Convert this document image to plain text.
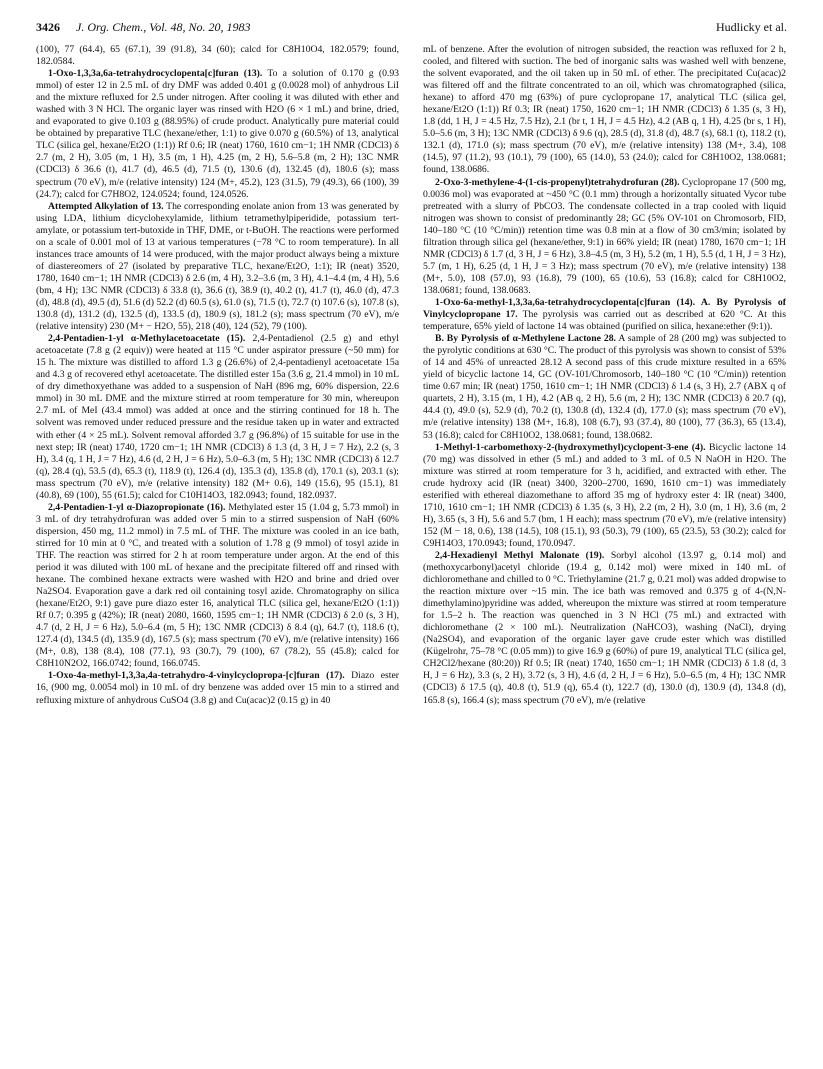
3426 J. Org. Chem., Vol. 48, No. 20, 1983	Hudlicky et al.

(100), 77 (64.4), 65 (67.1), 39 (91.8), 34 (60); calcd for C8H10O4, 182.0579; found, 182.0584.

1-Oxo-1,3,3a,6a-tetrahydrocyclopenta[c]furan (13). To a solution of 0.170 g (0.93 mmol) of ester 12 in 2.5 mL of dry DMF was added 0.401 g (0.0028 mol) of anhydrous LiI and the mixture refluxed for 2.5 under nitrogen. After cooling it was diluted with ether and washed with 3 N HCl. The organic layer was rinsed with H2O (6 × 1 mL) and brine, dried, and evaporated to give 0.103 g (88.95%) of crude product. Analytically pure material could be obtained by preparative TLC (hexane/ether, 1:1) to give 0.070 g (60.5%) of 13, analytical TLC (silica gel, hexane/Et2O (1:1)) Rf 0.6; IR (neat) 1760, 1610 cm−1; 1H NMR (CDCl3) δ 2.7 (m, 2 H), 3.05 (m, 1 H), 3.5 (m, 1 H), 4.25 (m, 2 H), 5.6–5.8 (m, 2 H); 13C NMR (CDCl3) δ 36.6 (t), 41.7 (d), 46.5 (d), 71.5 (t), 130.6 (d), 132.45 (d), 180.6 (s); mass spectrum (70 eV), m/e (relative intensity) 124 (M+, 45.2), 123 (31.5), 79 (49.3), 66 (100), 39 (24.7); calcd for C7H8O2, 124.0524; found, 124.0526.

Attempted Alkylation of 13. The corresponding enolate anion from 13 was generated by using LDA, lithium dicyclohexylamide, lithium tetramethylpiperidide, potassium tert-amylate, or potassium tert-butoxide in THF, DME, or t-BuOH. The reactions were performed on a scale of 0.001 mol of 13 at various temperatures (−78 °C to room temperature). In all instances trace amounts of 14 were produced, with the major product always being a mixture of diastereomers of 27 (isolated by preparative TLC, hexane/Et2O, 1:1); IR (neat) 3520, 1780, 1640 cm−1; 1H NMR (CDCl3) δ 2.6 (m, 4 H), 3.2–3.6 (m, 3 H), 4.1–4.4 (m, 4 H), 5.6 (bm, 4 H); 13C NMR (CDCl3) δ 33.8 (t), 36.6 (t), 38.9 (t), 40.2 (t), 41.7 (t), 46.0 (d), 47.3 (d), 48.8 (d), 49.5 (d), 51.6 (d) 52.2 (d) 60.5 (s), 61.0 (s), 71.5 (t), 72.7 (t) 107.6 (s), 107.8 (s), 130.8 (d), 131.2 (d), 132.5 (d), 133.5 (d), 180.9 (s), 181.2 (s); mass spectrum (70 eV), m/e (relative intensity) 230 (M+ − H2O, 55), 218 (40), 124 (52), 79 (100).

2,4-Pentadien-1-yl α-Methylacetoacetate (15). 2,4-Pentadienol (2.5 g) and ethyl acetoacetate (7.8 g (2 equiv)) were heated at 115 °C under aspirator pressure (~50 mm) for 15 h. The mixture was distilled to afford 1.3 g (26.6%) of 2,4-pentadienyl acetoacetate 15a and 4.3 g of recovered ethyl acetoacetate. The distilled ester 15a (3.6 g, 21.4 mmol) in 10 mL of dry dimethoxyethane was added to a suspension of NaH (896 mg, 60% dispersion, 22.6 mmol) in 30 mL DME and the mixture stirred at room temperature for 30 min, whereupon 2.7 mL of MeI (43.4 mmol) was added at once and the stirring continued for 18 h. The solvent was removed under reduced pressure and the residue taken up in water and extracted with ether (4 × 25 mL). Solvent removal afforded 3.7 g (96.8%) of 15 suitable for use in the next step; IR (neat) 1740, 1720 cm−1; 1H NMR (CDCl3) δ 1.3 (d, 3 H, J = 7 Hz), 2.2 (s, 3 H), 3.4 (q, 1 H, J = 7 Hz), 4.6 (d, 2 H, J = 6 Hz), 5.0–6.3 (m, 5 H); 13C NMR (CDCl3) δ 12.7 (q), 28.4 (q), 53.5 (d), 65.3 (t), 118.9 (t), 126.4 (d), 135.3 (d), 135.8 (d), 170.1 (s), 203.1 (s); mass spectrum (70 eV), m/e (relative intensity) 182 (M+ 0.6), 149 (15.6), 95 (15.1), 81 (40.8), 69 (100), 55 (61.5); calcd for C10H14O3, 182.0943; found, 182.0937.

2,4-Pentadien-1-yl α-Diazopropionate (16). Methylated ester 15 (1.04 g, 5.73 mmol) in 3 mL of dry tetrahydrofuran was added over 5 min to a stirred suspension of NaH (60% dispersion, 450 mg, 11.2 mmol) in 7.5 mL of THF. The mixture was cooled in an ice bath, stirred for 10 min at 0 °C, and treated with a solution of 1.78 g (9 mmol) of tosyl azide in THF. The reaction was stirred for 2 h at room temperature under argon. At the end of this period it was diluted with 100 mL of hexane and the precipitate filtered off and rinsed with hexane. The combined hexane extracts were washed with H2O and brine and dried over Na2SO4. Evaporation gave a dark red oil containing tosyl azide. Chromatography on silica (hexane/Et2O, 9:1) gave pure diazo ester 16, analytical TLC (silica gel, hexane/Et2O (1:1)) Rf 0.7; 0.395 g (42%); IR (neat) 2080, 1660, 1595 cm−1; 1H NMR (CDCl3) δ 2.0 (s, 3 H), 4.7 (d, 2 H, J = 6 Hz), 5.0–6.4 (m, 5 H); 13C NMR (CDCl3) δ 8.4 (q), 64.7 (t), 118.6 (t), 127.4 (d), 134.5 (d), 135.9 (d), 167.5 (s); mass spectrum (70 eV), m/e (relative intensity) 166 (M+, 0.8), 138 (8.4), 108 (77.1), 93 (30.7), 79 (100), 67 (78.2), 55 (45.8); calcd for C8H10N2O2, 166.0742; found, 166.0745.

1-Oxo-4a-methyl-1,3,3a,4a-tetrahydro-4-vinylcyclopropa-[c]furan (17). Diazo ester 16, (900 mg, 0.0054 mol) in 10 mL of dry benzene was added over 15 min to a stirred and refluxing mixture of anhydrous CuSO4 (3.8 g) and Cu(acac)2 (0.15 g) in 40

mL of benzene. After the evolution of nitrogen subsided, the reaction was refluxed for 2 h, cooled, and filtered with suction. The bed of inorganic salts was washed well with benzene, the solvent evaporated, and the oil taken up in 50 mL of ether. The precipitated Cu(acac)2 was filtered off and the filtrate concentrated to an oil, which was chromatographed (silica, hexane) to afford 470 mg (63%) of pure cyclopropane 17, analytical TLC (silica gel, hexane/Et2O (1:1)) Rf 0.3; IR (neat) 1750, 1620 cm−1; 1H NMR (CDCl3) δ 1.35 (s, 3 H), 1.8 (dd, 1 H, J = 4.5 Hz, 7.5 Hz), 2.1 (br t, 1 H, J = 4.5 Hz), 4.2 (AB q, 1 H), 4.25 (br s, 1 H), 5.0–5.6 (m, 3 H); 13C NMR (CDCl3) δ 9.6 (q), 28.5 (d), 31.8 (d), 48.7 (s), 68.1 (t), 118.2 (t), 132.1 (d), 171.0 (s); mass spectrum (70 eV), m/e (relative intensity) 138 (M+, 3.4), 108 (14.5), 97 (11.2), 93 (10.1), 79 (100), 65 (14.0), 53 (24.0); calcd for C8H10O2, 138.0681; found, 138.0686.

2-Oxo-3-methylene-4-(1-cis-propenyl)tetrahydrofuran (28). Cyclopropane 17 (500 mg, 0.0036 mol) was evaporated at ~450 °C (0.1 mm) through a horizontally situated Vycor tube pretreated with a slurry of PbCO3. The condensate collected in a trap cooled with liquid nitrogen was shown to consist of predominantly 28; GC (5% OV-101 on Chromosorb, FID, 140–180 °C (10 °C/min)) retention time was 0.8 min at a flow of 30 cm3/min; isolated by filtration through silica gel (hexane/ether, 9:1) in 66% yield; IR (neat) 1780, 1670 cm−1; 1H NMR (CDCl3) δ 1.7 (d, 3 H, J = 6 Hz), 3.8–4.5 (m, 3 H), 5.2 (m, 1 H), 5.5 (d, 1 H, J = 3 Hz), 5.7 (m, 1 H), 6.25 (d, 1 H, J = 3 Hz); mass spectrum (70 eV), m/e (relative intensity) 138 (M+, 5.0), 108 (57.0), 93 (16.8), 79 (100), 65 (10.6), 53 (16.8); calcd for C8H10O2, 138.0681; found, 138.0683.

1-Oxo-6a-methyl-1,3,3a,6a-tetrahydrocyclopenta[c]furan (14). A. By Pyrolysis of Vinylcyclopropane 17. The pyrolysis was carried out as described at 620 °C. At this temperature, 65% yield of lactone 14 was obtained (purified on silica, hexane:ether (9:1)).

B. By Pyrolysis of α-Methylene Lactone 28. A sample of 28 (200 mg) was subjected to the pyrolytic conditions at 630 °C. The product of this pyrolysis was shown to consist of 53% of 14 and 45% of unreacted 28.12 A second pass of this crude mixture resulted in a 65% yield of bicyclic lactone 14, GC (OV-101/Chromosorb, 140–180 °C (10 °C/min)) retention time 0.67 min; IR (neat) 1750, 1610 cm−1; 1H NMR (CDCl3) δ 1.4 (s, 3 H), 2.7 (ABX q of quartets, 2 H), 3.15 (m, 1 H), 4.2 (AB q, 2 H), 5.6 (m, 2 H); 13C NMR (CDCl3) δ 20.7 (q), 44.4 (t), 49.0 (s), 52.9 (d), 70.2 (t), 130.8 (d), 132.4 (d), 177.0 (s); mass spectrum (70 eV), m/e (relative intensity) 138 (M+, 16.8), 108 (6.7), 93 (37.4), 80 (100), 77 (36.3), 65 (13.4), 53 (16.8); calcd for C8H10O2, 138.0681; found, 138.0682.

1-Methyl-1-carbomethoxy-2-(hydroxymethyl)cyclopent-3-ene (4). Bicyclic lactone 14 (70 mg) was dissolved in ether (5 mL) and added to 3 mL of 0.5 N NaOH in H2O. The mixture was stirred at room temperature for 3 h, acidified, and extracted with ether. The crude hydroxy acid (IR (neat) 3400, 3200–2700, 1690, 1610 cm−1) was immediately esterified with ethereal diazomethane to afford 35 mg of hydroxy ester 4: IR (neat) 3400, 1710, 1610 cm−1; 1H NMR (CDCl3) δ 1.35 (s, 3 H), 2.2 (m, 2 H), 3.0 (m, 1 H), 3.6 (m, 2 H), 3.65 (s, 3 H), 5.6 and 5.7 (bm, 1 H each); mass spectrum (70 eV), m/e (relative intensity) 152 (M − 18, 0.6), 138 (14.5), 108 (15.1), 93 (50.3), 79 (100), 65 (23.5), 53 (30.2); calcd for C9H14O3, 170.0943; found, 170.0947.

2,4-Hexadienyl Methyl Malonate (19). Sorbyl alcohol (13.97 g, 0.14 mol) and (methoxycarbonyl)acetyl chloride (19.4 g, 0.142 mol) were mixed in 140 mL of dichloromethane and chilled to 0 °C. Triethylamine (21.7 g, 0.21 mol) was added dropwise to the reaction mixture over ~15 min. The ice bath was removed and 0.375 g of 4-(N,N-dimethylamino)pyridine was added, whereupon the mixture was stirred at room temperature for 1.5–2 h. The reaction was quenched in 3 N HCl (75 mL) and extracted with dichloromethane (2 × 100 mL). Neutralization (NaHCO3), washing (NaCl), drying (Na2SO4), and evaporation of the organic layer gave crude ester which was distilled (Kügelrohr, 75–78 °C (0.05 mm)) to give 16.9 g (60%) of pure 19, analytical TLC (silica gel, CH2Cl2/hexane (80:20)) Rf 0.5; IR (neat) 1740, 1650 cm−1; 1H NMR (CDCl3) δ 1.8 (d, 3 H, J = 6 Hz), 3.3 (s, 2 H), 3.72 (s, 3 H), 4.6 (d, 2 H, J = 6 Hz), 5.0–6.5 (m, 4 H); 13C NMR (CDCl3) δ 17.5 (q), 40.8 (t), 51.9 (q), 65.4 (t), 122.7 (d), 130.0 (d), 130.9 (d), 134.8 (d), 165.8 (s), 166.4 (s); mass spectrum (70 eV), m/e (relative
